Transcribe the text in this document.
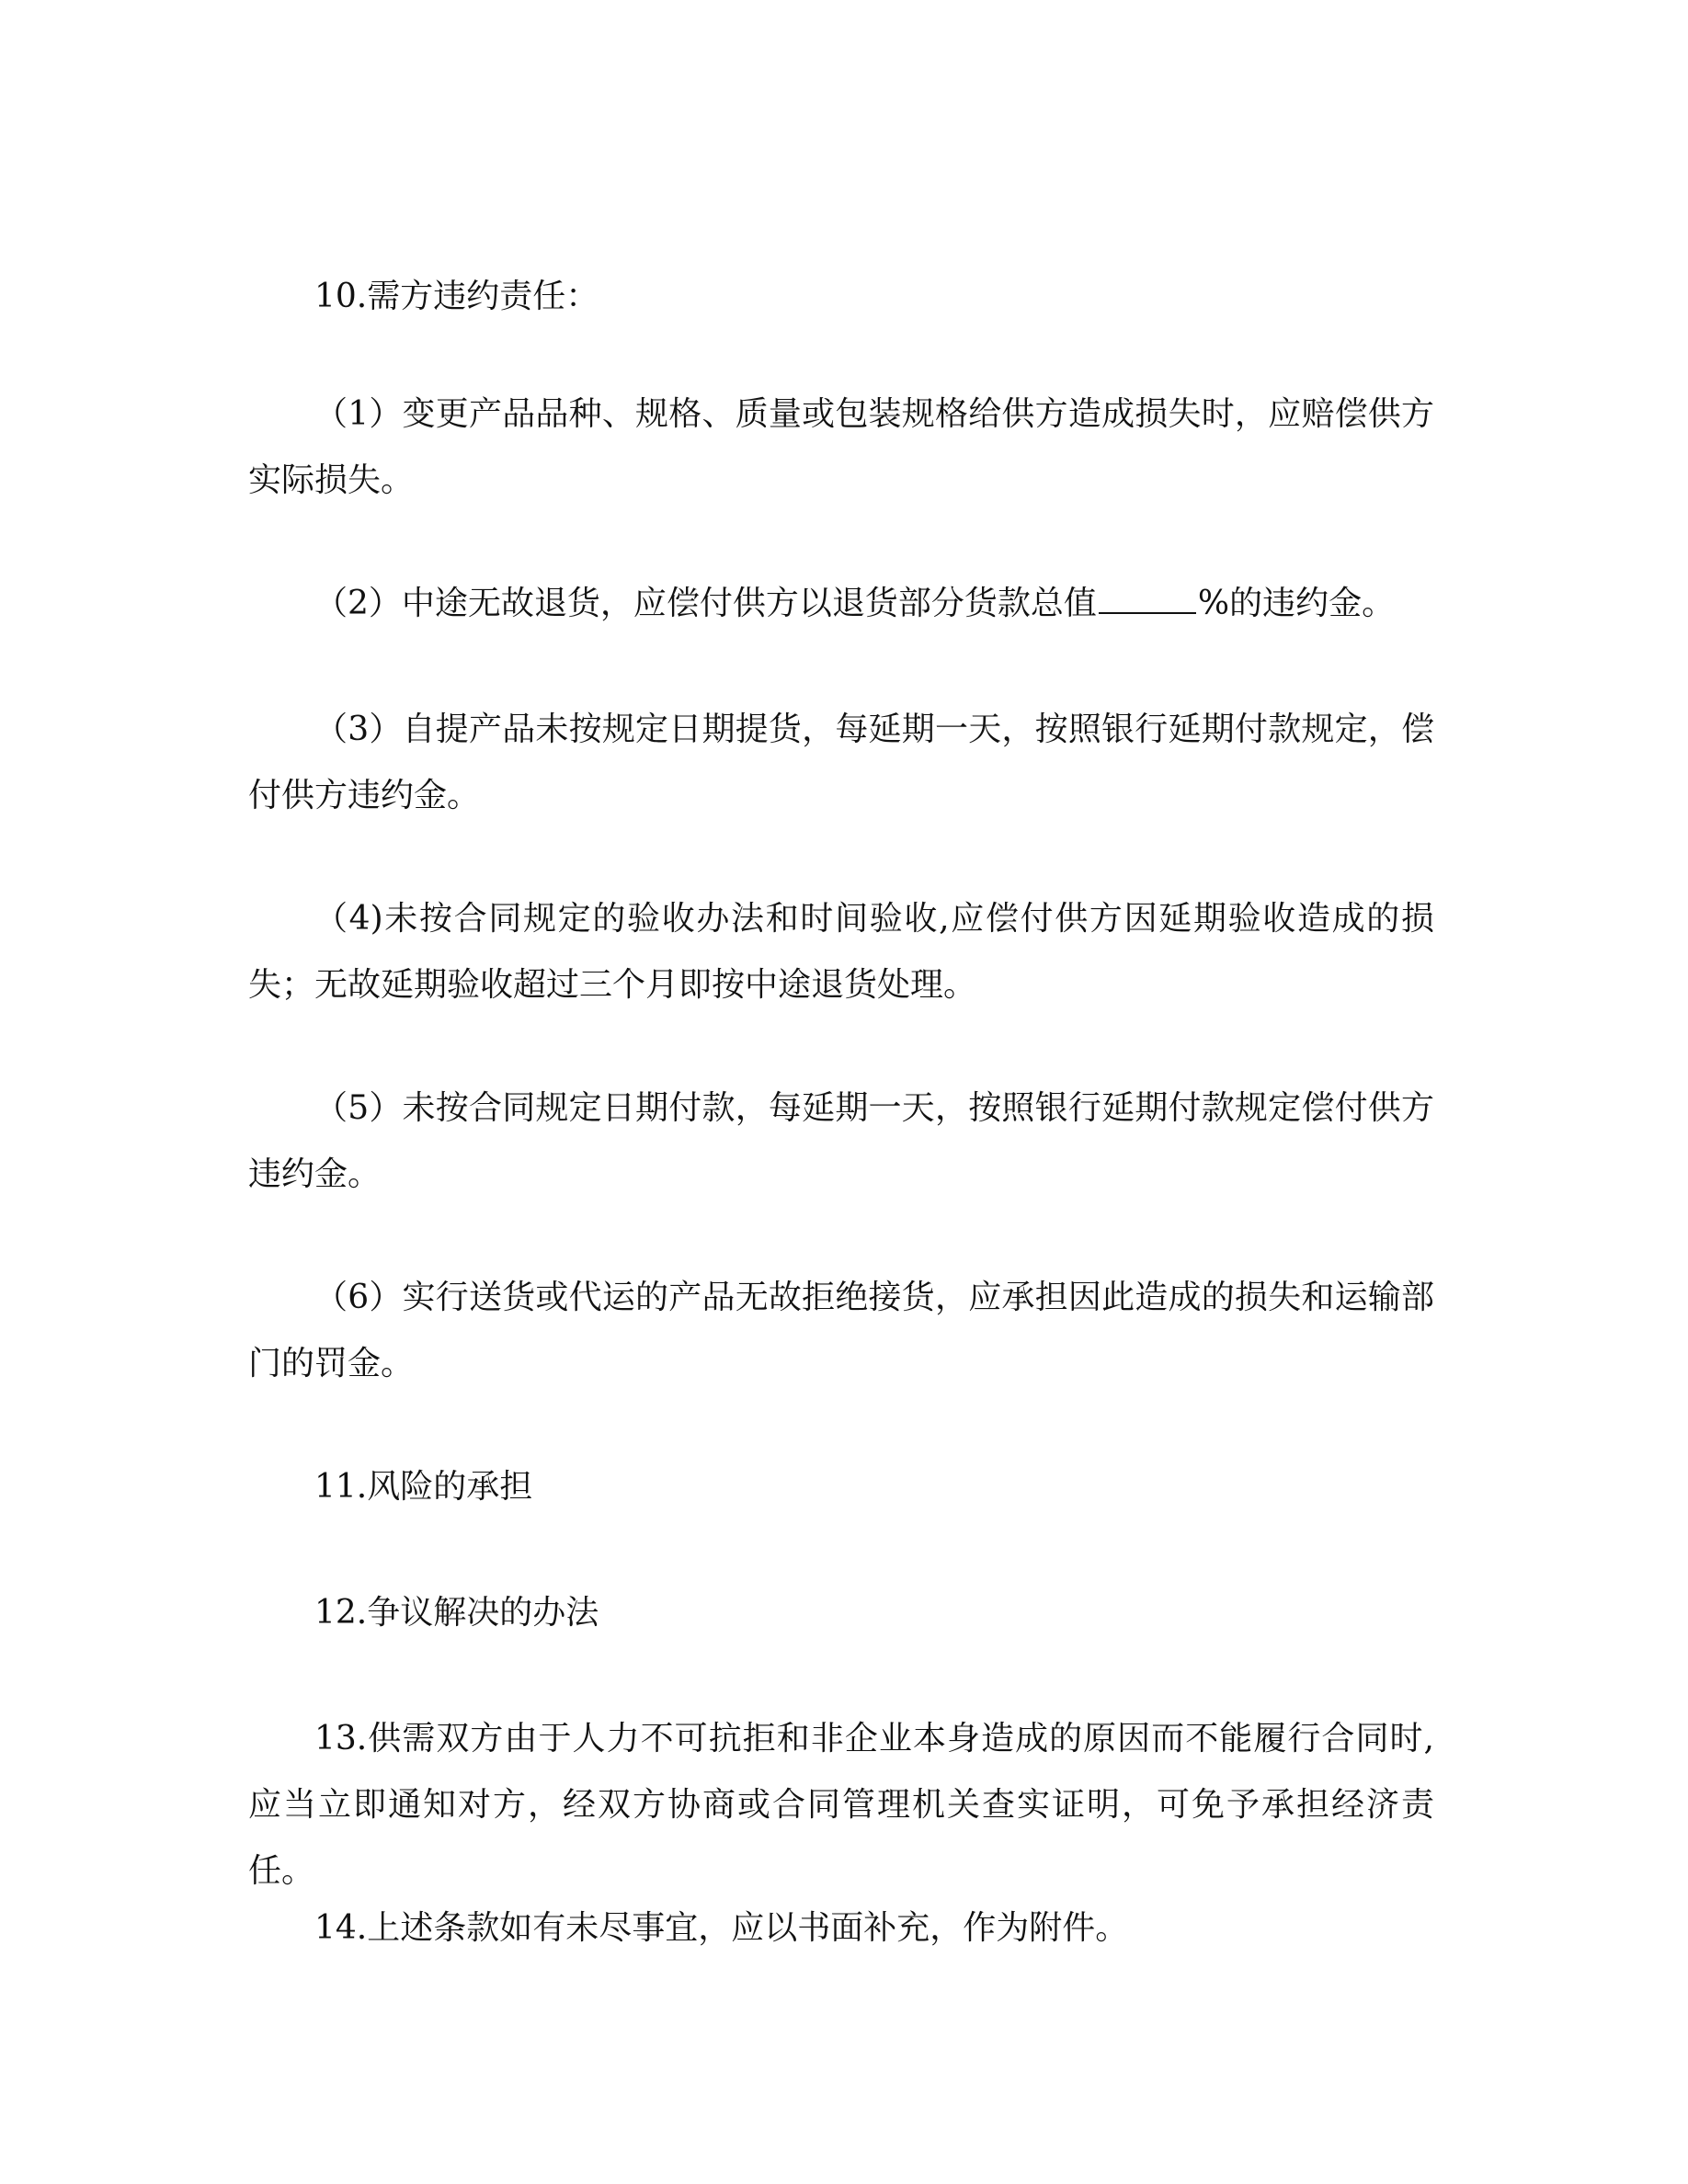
10.需方违约责任：

（1）变更产品品种、规格、质量或包装规格给供方造成损失时，应赔偿供方实际损失。

（2）中途无故退货，应偿付供方以退货部分货款总值	%的违约金。

（3）自提产品未按规定日期提货，每延期一天，按照银行延期付款规定，偿付供方违约金。

（4)未按合同规定的验收办法和时间验收,应偿付供方因延期验收造成的损失；无故延期验收超过三个月即按中途退货处理。

（5）未按合同规定日期付款，每延期一天，按照银行延期付款规定偿付供方违约金。

（6）实行送货或代运的产品无故拒绝接货，应承担因此造成的损失和运输部门的罚金。

11.风险的承担

12.争议解决的办法

13.供需双方由于人力不可抗拒和非企业本身造成的原因而不能履行合同时,应当立即通知对方，经双方协商或合同管理机关查实证明，可免予承担经济责任。

14.上述条款如有未尽事宜，应以书面补充，作为附件。
